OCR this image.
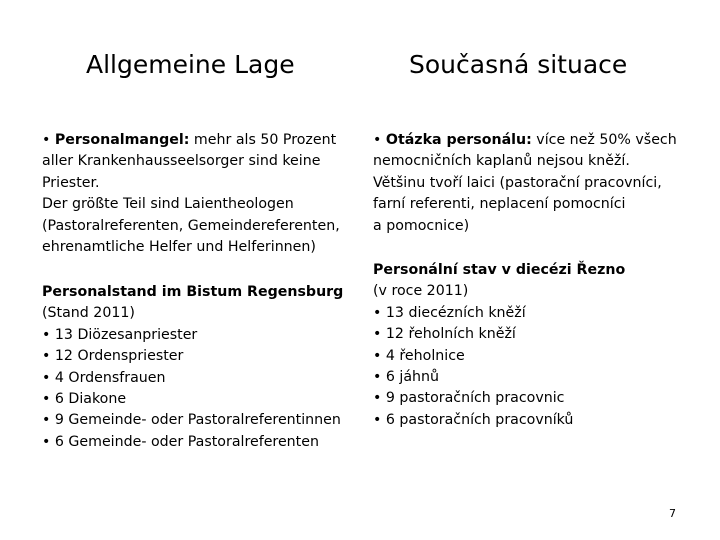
Allgemeine Lage	Současná situace
• Personalmangel: mehr als 50 Prozent
aller Krankenhausseelsorger sind keine
Priester.
Der größte Teil sind Laientheologen
(Pastoralreferenten, Gemeindereferenten,
ehrenamtliche Helfer und Helferinnen)
Personalstand im Bistum Regensburg
(Stand 2011)
• 13 Diözesanpriester
• 12 Ordenspriester
• 4 Ordensfrauen
• 6 Diakone
• 9 Gemeinde- oder Pastoralreferentinnen
• 6 Gemeinde- oder Pastoralreferenten
• Otázka personálu: více než 50% všech
nemocničních kaplanů nejsou kněží.
Většinu tvoří laici (pastorační pracovníci,
farní referenti, neplacení pomocníci
a pomocnice)
Personální stav v diecézi Řezno
(v roce 2011)
• 13 diecézních kněží
• 12 řeholních kněží
• 4 řeholnice
• 6 jáhnů
• 9 pastoračních pracovnic
• 6 pastoračních pracovníků
7
